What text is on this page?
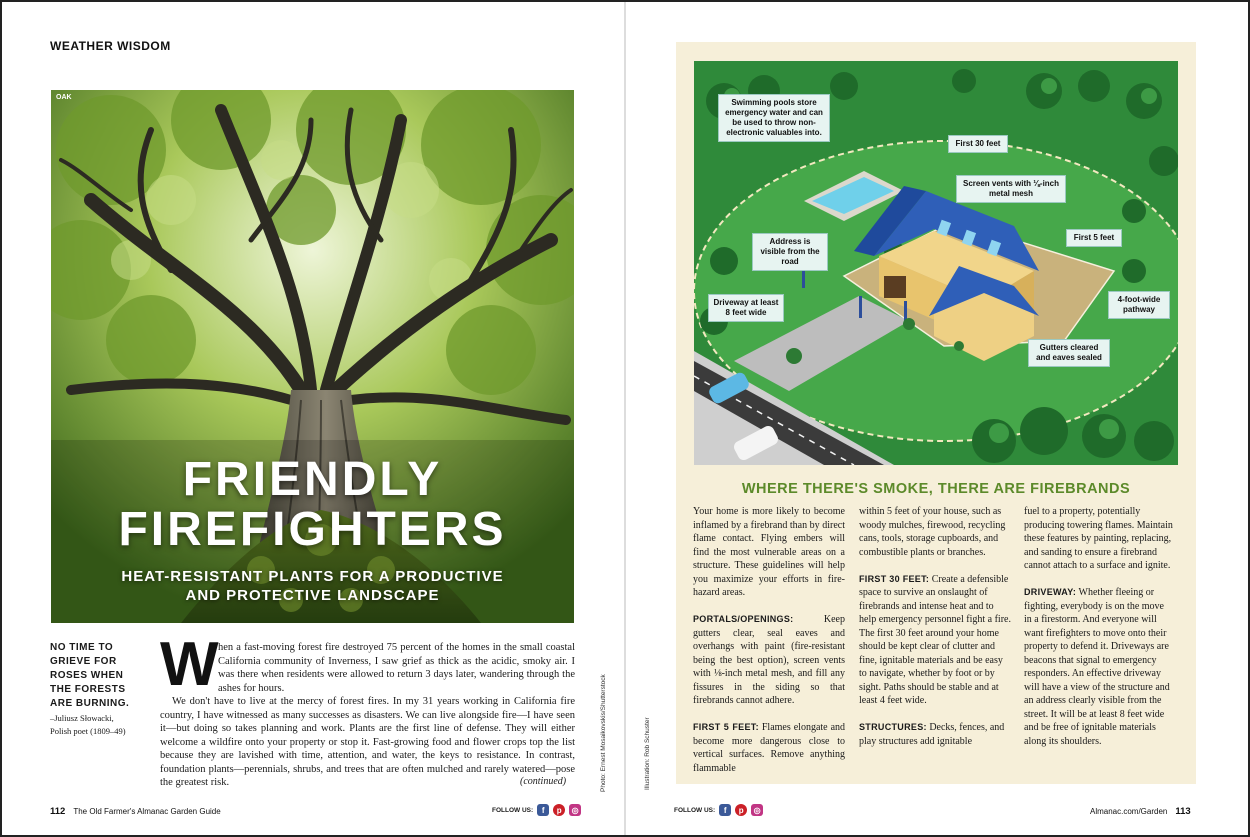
WEATHER WISDOM
OAK
FRIENDLY
FIREFIGHTERS
HEAT-RESISTANT PLANTS FOR A PRODUCTIVE
AND PROTECTIVE LANDSCAPE
NO TIME TO
GRIEVE FOR
ROSES WHEN
THE FORESTS
ARE BURNING.
–Juliusz Słowacki,
Polish poet (1809–49)
W hen a fast-moving forest fire destroyed 75 percent of the homes in the small coastal California community of Inverness, I saw grief as thick as the acidic, smoky air. I was there when residents were allowed to return 3 days later, wandering through the ashes for hours.

We don't have to live at the mercy of forest fires. In my 31 years working in California fire country, I have witnessed as many successes as disasters. We can live alongside fire—I have seen it—but doing so takes planning and work. Plants are the first line of defense. They will either welcome a wildfire onto your property or stop it. Fast-growing food and flower crops top the list because they are lavished with time, attention, and water, the keys to resistance. In contrast, foundation plants—perennials, shrubs, and trees that are often mulched and rarely watered—pose the greatest risk.	(continued)	Photo: Ernest Mosaikovskis/Shutterstock
112 The Old Farmer's Almanac Garden Guide	FOLLOW US:	f	p	◎
Illustration: Rob Schuster
Swimming pools store emergency water and can be used to throw non-electronic valuables into.
First 30 feet
Screen vents with ⅛-inch metal mesh
Address is visible from the road
First 5 feet
Driveway at least 8 feet wide
4-foot-wide pathway
Gutters cleared and eaves sealed
WHERE THERE'S SMOKE, THERE ARE FIREBRANDS

Your home is more likely to become inflamed by a firebrand than by direct flame contact. Flying embers will find the most vulnerable areas on a structure. These guidelines will help you maximize your efforts in fire-hazard areas.

PORTALS/OPENINGS:	Keep gutters clear, seal eaves and overhangs with paint (fire-resistant being the best option), screen vents with ⅛-inch metal mesh, and fill any fissures in the siding so that firebrands cannot adhere.

FIRST 5 FEET: Flames elongate and become more dangerous close to vertical surfaces. Remove anything flammable

within 5 feet of your house, such as woody mulches, firewood, recycling cans, tools, storage cupboards, and combustible plants or branches.

FIRST 30 FEET: Create a defensible space to survive an onslaught of firebrands and intense heat and to help emergency personnel fight a fire. The first 30 feet around your home should be kept clear of clutter and fine, ignitable materials and be easy to navigate, whether by foot or by sight. Paths should be stable and at least 4 feet wide.

STRUCTURES: Decks, fences, and play structures add ignitable

fuel to a property, potentially producing towering flames. Maintain these features by painting, replacing, and sanding to ensure a firebrand cannot attach to a surface and ignite.

DRIVEWAY: Whether fleeing or fighting, everybody is on the move in a firestorm. And everyone will want firefighters to move onto their property to defend it. Driveways are beacons that signal to emergency responders. An effective driveway will have a view of the structure and an address clearly visible from the street. It will be at least 8 feet wide and be free of ignitable materials along its shoulders.

FOLLOW US:	f	p	◎	Almanac.com/Garden 113
